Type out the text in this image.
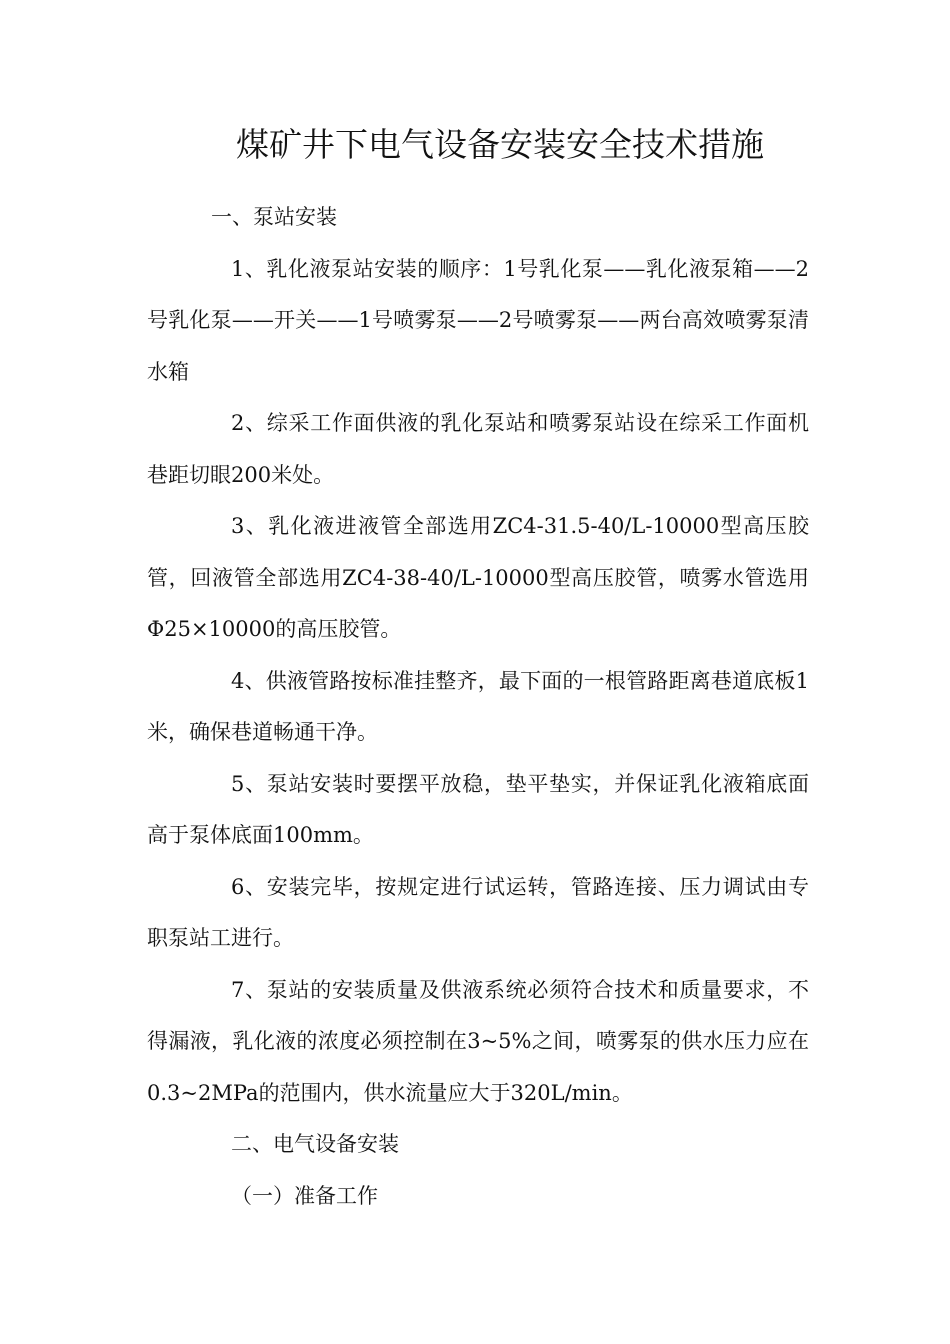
煤矿井下电气设备安装安全技术措施

一、泵站安装

1、乳化液泵站安装的顺序：1号乳化泵——乳化液泵箱——2号乳化泵——开关——1号喷雾泵——2号喷雾泵——两台高效喷雾泵清水箱

2、综采工作面供液的乳化泵站和喷雾泵站设在综采工作面机巷距切眼200米处。

3、乳化液进液管全部选用ZC4-31.5-40/L-10000型高压胶管，回液管全部选用ZC4-38-40/L-10000型高压胶管，喷雾水管选用Φ25×10000的高压胶管。

4、供液管路按标准挂整齐，最下面的一根管路距离巷道底板1米，确保巷道畅通干净。

5、泵站安装时要摆平放稳，垫平垫实，并保证乳化液箱底面高于泵体底面100mm。

6、安装完毕，按规定进行试运转，管路连接、压力调试由专职泵站工进行。

7、泵站的安装质量及供液系统必须符合技术和质量要求，不得漏液，乳化液的浓度必须控制在3~5%之间，喷雾泵的供水压力应在0.3~2MPa的范围内，供水流量应大于320L/min。

二、电气设备安装

（一）准备工作
